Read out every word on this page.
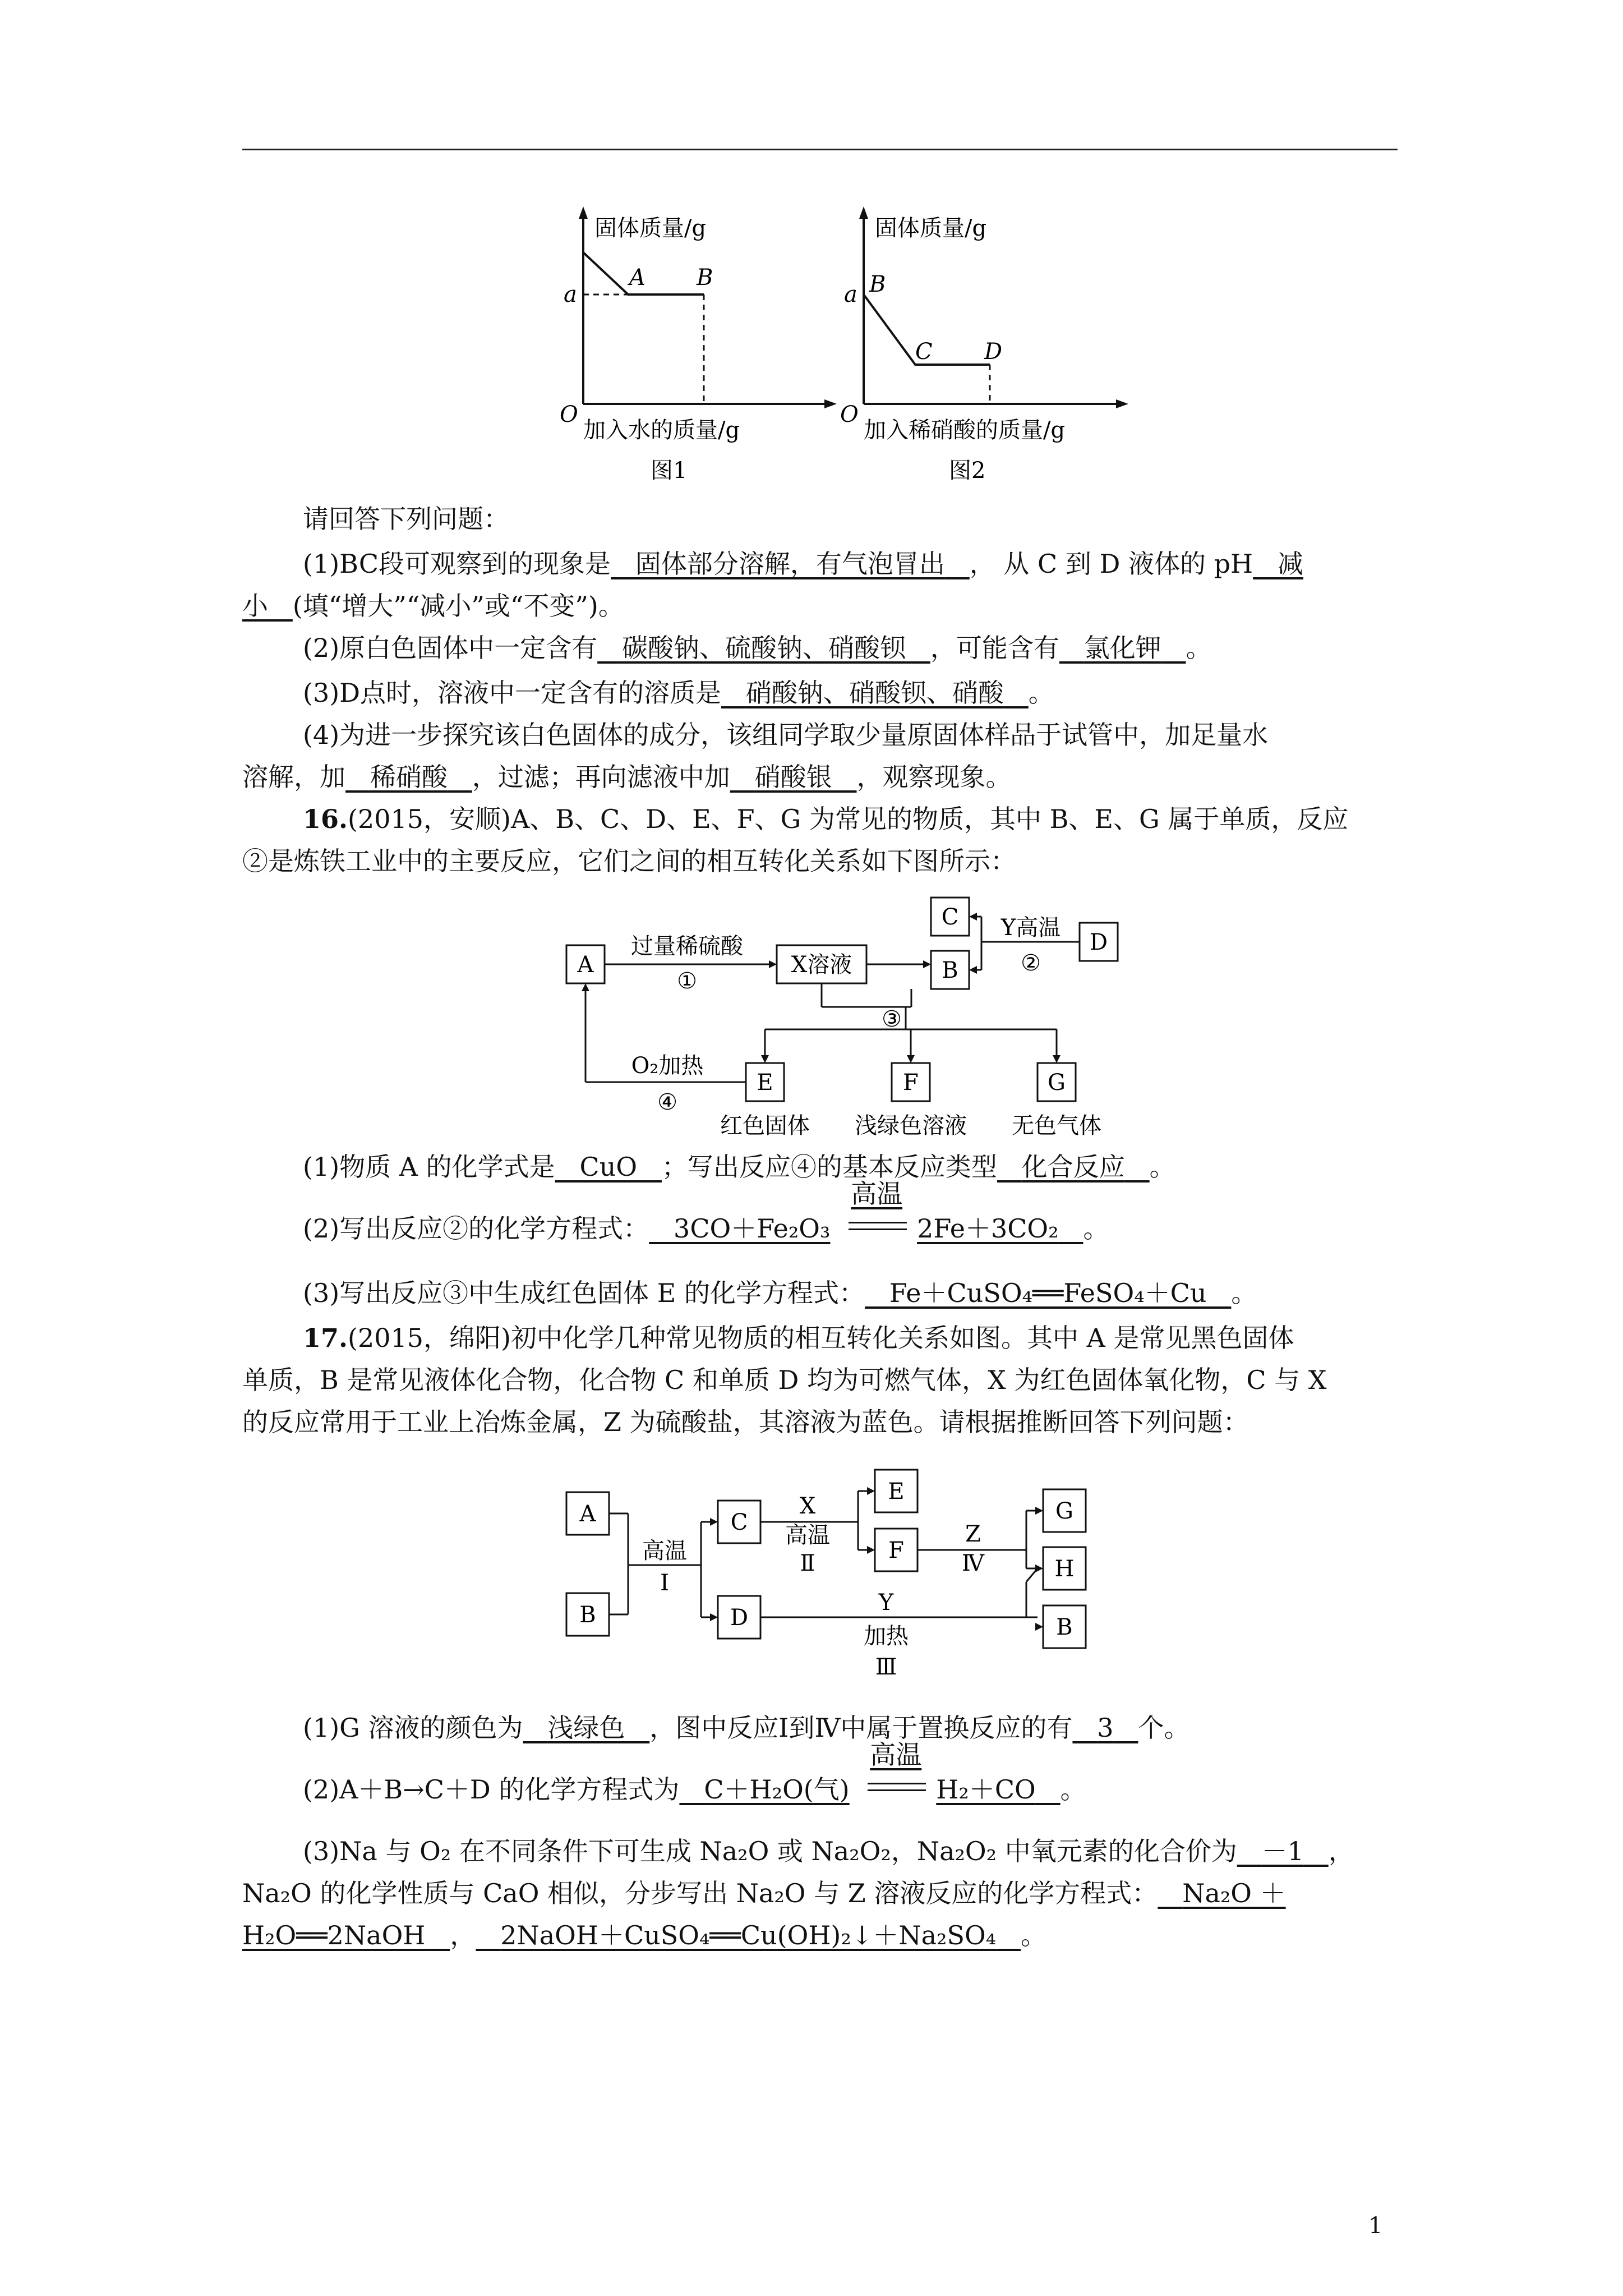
固体质量/g
a
A B
O
加入水的质量/g
图1
固体质量/g
a B
C D
O
加入稀硝酸的质量/g
图2
请回答下列问题：
(1)BC段可观察到的现象是 固体部分溶解，有气泡冒出 ， 从 C 到 D 液体的 pH 减
小 (填“增大”“减小”或“不变”)。
(2)原白色固体中一定含有 碳酸钠、硫酸钠、硝酸钡 ，可能含有 氯化钾 。
(3)D点时，溶液中一定含有的溶质是 硝酸钠、硝酸钡、硝酸 。
(4)为进一步探究该白色固体的成分，该组同学取少量原固体样品于试管中，加足量水
溶解，加 稀硝酸 ，过滤；再向滤液中加 硝酸银 ，观察现象。
16.(2015，安顺)A、B、C、D、E、F、G 为常见的物质，其中 B、E、G 属于单质，反应
②是炼铁工业中的主要反应，它们之间的相互转化关系如下图所示：
A	X溶液
C
B
D
E	F	G
过量稀硫酸
①
Y高温
②
③
O₂加热
④
红色固体 浅绿色溶液 无色气体
(1)物质 A 的化学式是 CuO ；写出反应④的基本反应类型 化合反应 。
(2)写出反应②的化学方程式： 3CO＋Fe₂O₃
高温
2Fe＋3CO₂ 。
(3)写出反应③中生成红色固体 E 的化学方程式： Fe＋CuSO₄══FeSO₄＋Cu 。
17.(2015，绵阳)初中化学几种常见物质的相互转化关系如图。其中 A 是常见黑色固体
单质，B 是常见液体化合物，化合物 C 和单质 D 均为可燃气体，X 为红色固体氧化物，C 与 X
的反应常用于工业上冶炼金属，Z 为硫酸盐，其溶液为蓝色。请根据推断回答下列问题：
A
B
C
D
E
F
G
H
B
高温
Ⅰ
X
高温
Ⅱ
Z
Ⅳ
Y
加热
Ⅲ
(1)G 溶液的颜色为 浅绿色 ，图中反应Ⅰ到Ⅳ中属于置换反应的有 3 个。
(2)A＋B→C＋D 的化学方程式为 C＋H₂O(气)
高温
H₂＋CO 。
(3)Na 与 O₂ 在不同条件下可生成 Na₂O 或 Na₂O₂，Na₂O₂ 中氧元素的化合价为 －1 ，
Na₂O 的化学性质与 CaO 相似，分步写出 Na₂O 与 Z 溶液反应的化学方程式： Na₂O ＋
H₂O══2NaOH ， 2NaOH＋CuSO₄══Cu(OH)₂↓＋Na₂SO₄ 。
1
